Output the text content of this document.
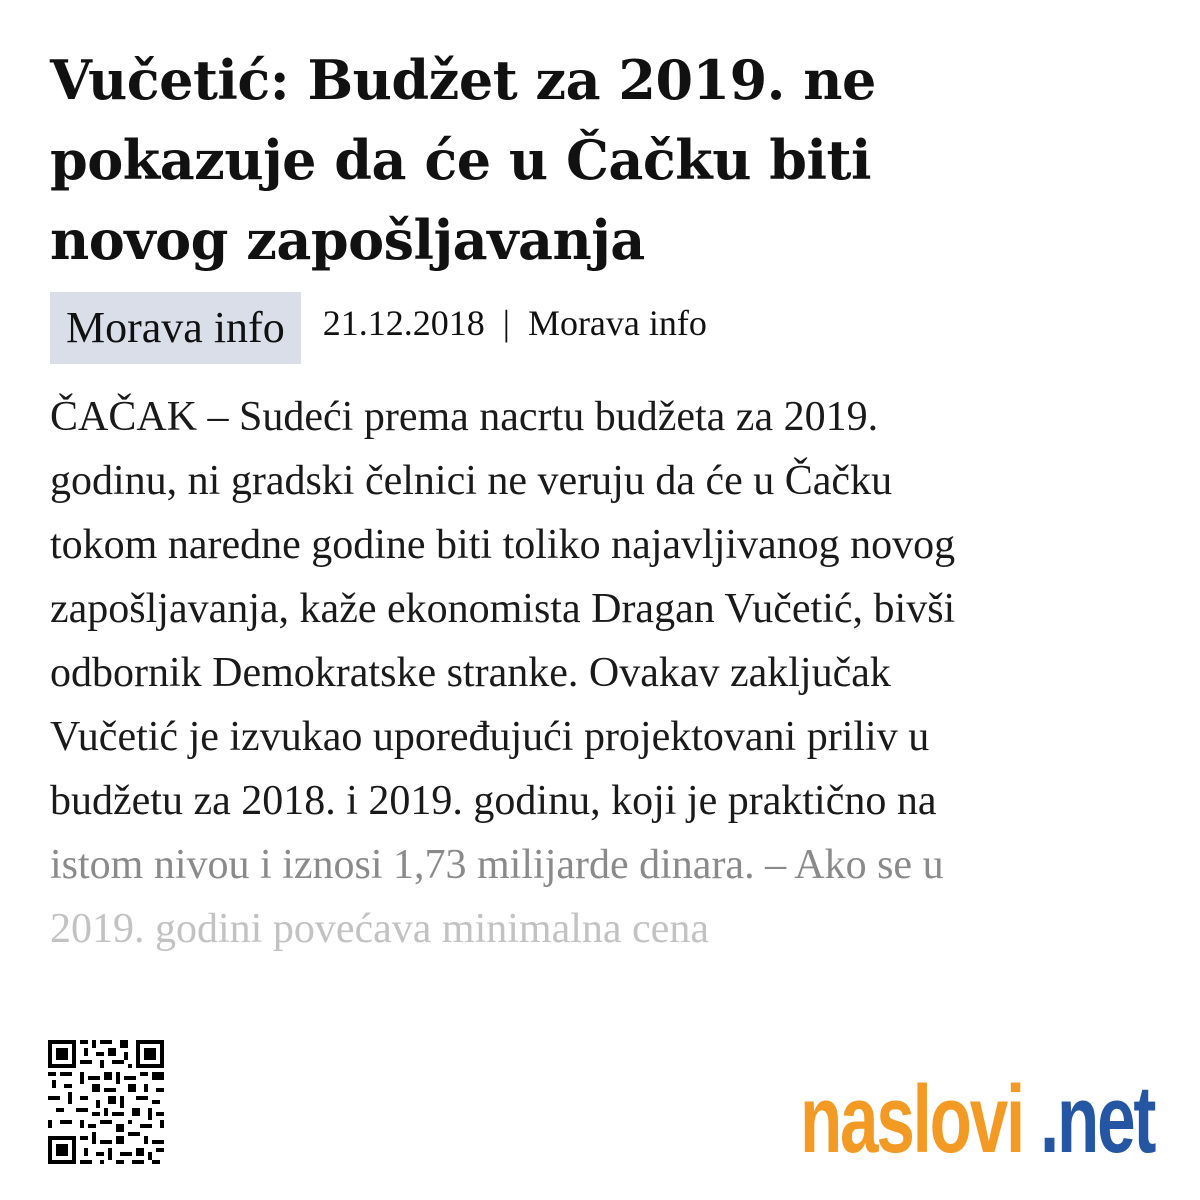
Vučetić: Budžet za 2019. ne
pokazuje da će u Čačku biti
novog zapošljavanja
Morava info	21.12.2018 | Morava info
ČAČAK – Sudeći prema nacrtu budžeta za 2019.
godinu, ni gradski čelnici ne veruju da će u Čačku
tokom naredne godine biti toliko najavljivanog novog
zapošljavanja, kaže ekonomista Dragan Vučetić, bivši
odbornik Demokratske stranke. Ovakav zaključak
Vučetić je izvukao upoređujući projektovani priliv u
budžetu za 2018. i 2019. godinu, koji je praktično na
istom nivou i iznosi 1,73 milijarde dinara. – Ako se u
2019. godini povećava minimalna cena
naslovi .net
